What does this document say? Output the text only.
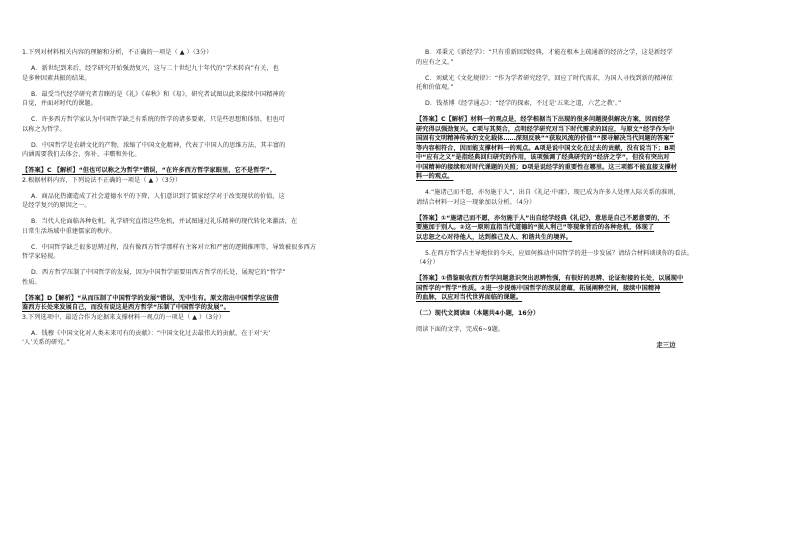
1.下列对材料相关内容的理解和分析，不正确的一项是（ ▲ ）（3分）
A．新世纪到来后，经学研究开始强劲复兴，这与二十世纪九十年代的“学术转向”有关，也
是多种因素共振的结果。
B．最受当代经学研究者青睐的是《礼》《春秋》和《易》，研究者试图以此来接续中国精神的
自觉，并面对时代的课题。
C．许多西方哲学家认为中国哲学缺乏有系统的哲学的诸多要素，只是些思想和体悟，但也可
以称之为哲学。
D．中国哲学是农耕文化的产物，浓缩了中国文化精神，代表了中国人的思维方法，其丰富的
内涵需要我们去体会、弥补、丰赡和外化。
【答案】C 【解析】“但也可以称之为哲学”错误，“在许多西方哲学家眼里，它不是哲学”。
2.根据材料内容，下列说法不正确的一项是（ ▲ ）（3分）
A．商品化热潮造成了社会道德水平的下降，人们意识到了儒家经学对于改变现状的价值，这
是经学复兴的原因之一。
B．当代人伦面临各种危机，礼学研究直指这些危机，并试图通过礼乐精神的现代转化来激活，在
日常生活场域中重建儒家的秩序。
C．中国哲学缺乏很多思辨过程，没有像西方哲学那样有主客对立和严密的逻辑推理等，导致被很多西方
哲学家轻视。
D．西方哲学压制了中国哲学的发展，因为中国哲学需要用西方哲学的长处，展现它的“哲学”
性质。
【答案】D【解析】“从而压制了中国哲学的发展”错误，无中生有。原文指出中国哲学应该借
鉴西方长处来发展自己，而没有说这是西方哲学“压制了中国哲学的发展”。
3.下列选项中，最适合作为论据来支撑材料一观点的一项是（ ▲ ）（3分）
A．钱穆《中国文化对人类未来可有的贡献》：“中国文化过去最伟大的贡献，在于对‘天’
‘人’关系的研究。”
B．邓秉元《新经学》：“只有重新回到经典，才能在根本上疏通新的经济之学，这是新经学
的应有之义。”
C．刘斌光《文化规律》：“作为学者研究经学，回应了时代需求，为国人寻找到新的精神依
托和价值观。”
D．钱基博《经学通志》：“经学的探索，不过是‘五来之道，六艺之教’。”
【答案】C【解析】材料一的观点是，经学根据当下出现的很多问题提供解决方案，因而经学
研究得以强劲复兴。C项与其契合，点明经学研究对当下时代需求的回应，与原文“经学作为中
国固有文明精神传承的文化载体……深刻反映”“获取风流的价值”“探寻解决当代问题的答案”
等内容相符合，因而能支撑材料一的观点。A项是说中国文化在过去的贡献，没有说当下；B项
中“应有之义”是指经典回归研究的作用，该项强调了经典研究的“经济之学”，但没有突出对
中国精神的接续和对时代课题的关照；D项是说经学的重要性在哪里。这三项都不能直接支撑材
料一的观点。
4.“施诸己而不愿，亦勿施于人”，出自《礼记·中庸》，现已成为许多人处理人际关系的准则，
请结合材料一对这一现象加以分析。（4分）
【答案】①“施诸己而不愿，亦勿施于人”出自经学经典《礼记》，意思是自己不愿意要的，不
要施加于别人。②这一原则直指当代道德的“损人利己”等现象背后的各种危机，体现了
以忠恕之心对待他人，达到推己及人、和谐共生的境界。
5.在西方哲学占主导地位的今天，应如何推动中国哲学的进一步发展？请结合材料谈谈你的看法。
（4分）
【答案】①借鉴吸收西方哲学问题意识突出思辨性强，有很好的思辨、论证衔接的长处，以展现中
国哲学的“哲学”性质。②进一步提炼中国哲学的深层意蕴，拓展阐释空间，接续中国精神
的血脉，以应对当代世界面临的课题。
（二）现代文阅读Ⅱ（本题共4小题，16分）
阅读下面的文字，完成6~9题。
走三边
